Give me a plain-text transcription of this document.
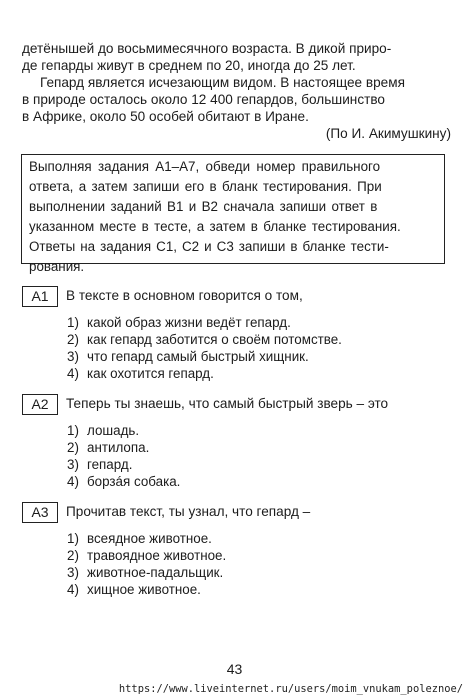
детёнышей до восьмимесячного возраста. В дикой приро-
де гепарды живут в среднем по 20, иногда до 25 лет.
Гепард является исчезающим видом. В настоящее время
в природе осталось около 12 400 гепардов, большинство
в Африке, около 50 особей обитают в Иране.
(По И. Акимушкину)
Выполняя задания А1–А7, обведи номер правильного
ответа, а затем запиши его в бланк тестирования. При
выполнении заданий В1 и В2 сначала запиши ответ в
указанном месте в тесте, а затем в бланке тестирования.
Ответы на задания С1, С2 и С3 запиши в бланке тести-
рования.
А1	В тексте в основном говорится о том,
1) какой образ жизни ведёт гепард.
2) как гепард заботится о своём потомстве.
3) что гепард самый быстрый хищник.
4) как охотится гепард.
А2	Теперь ты знаешь, что самый быстрый зверь – это
1) лошадь.
2) антилопа.
3) гепард.
4) борзáя собака.
А3	Прочитав текст, ты узнал, что гепард –
1) всеядное животное.
2) травоядное животное.
3) животное-падальщик.
4) хищное животное.
43
https://www.liveinternet.ru/users/moim_vnukam_poleznoe/
